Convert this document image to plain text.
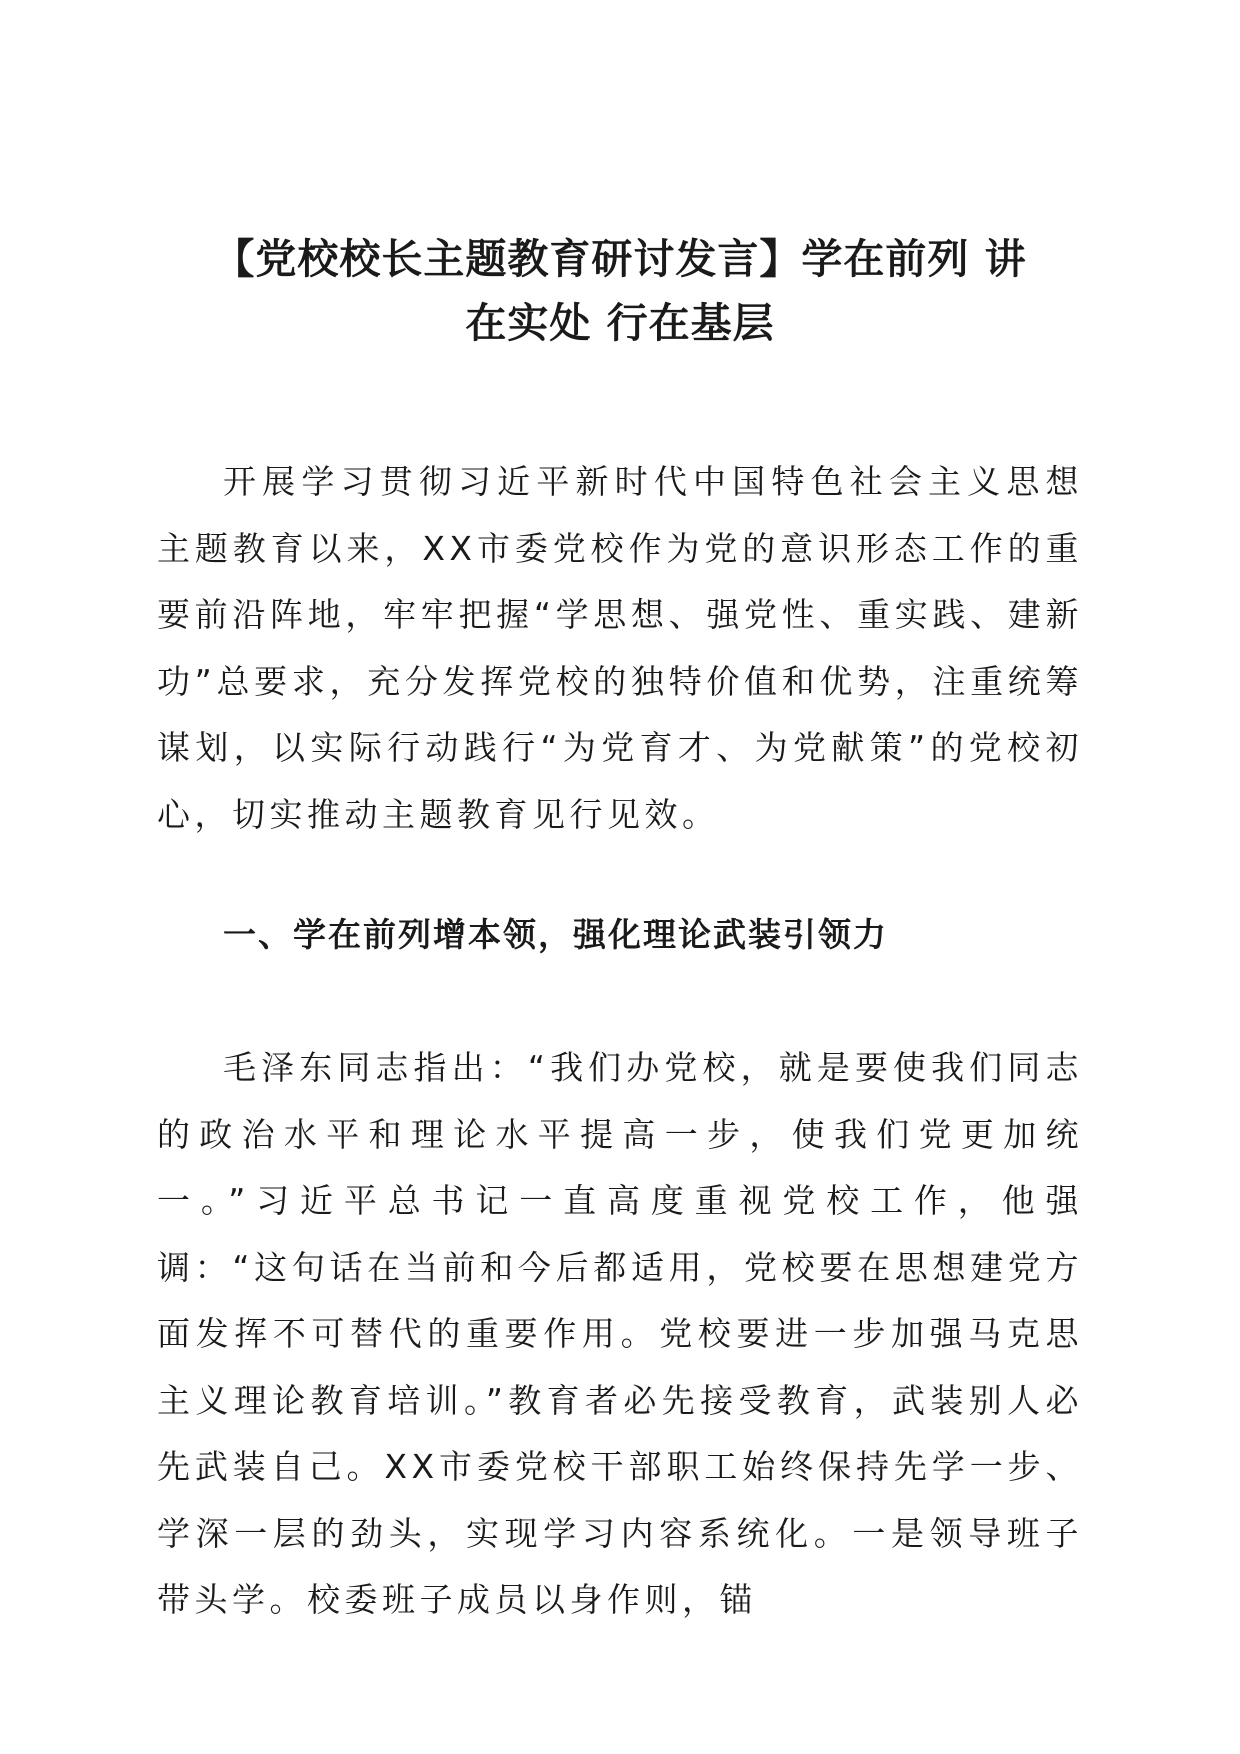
【党校校长主题教育研讨发言】学在前列 讲
在实处 行在基层

开展学习贯彻习近平新时代中国特色社会主义思想主题教育以来，XX市委党校作为党的意识形态工作的重要前沿阵地，牢牢把握“学思想、强党性、重实践、建新功”总要求，充分发挥党校的独特价值和优势，注重统筹谋划，以实际行动践行“为党育才、为党献策”的党校初心，切实推动主题教育见行见效。

一、学在前列增本领，强化理论武装引领力

毛泽东同志指出：“我们办党校，就是要使我们同志的政治水平和理论水平提高一步，使我们党更加统一。”习近平总书记一直高度重视党校工作，他强调：“这句话在当前和今后都适用，党校要在思想建党方面发挥不可替代的重要作用。党校要进一步加强马克思主义理论教育培训。”教育者必先接受教育，武装别人必先武装自己。XX市委党校干部职工始终保持先学一步、学深一层的劲头，实现学习内容系统化。一是领导班子带头学。校委班子成员以身作则，锚
